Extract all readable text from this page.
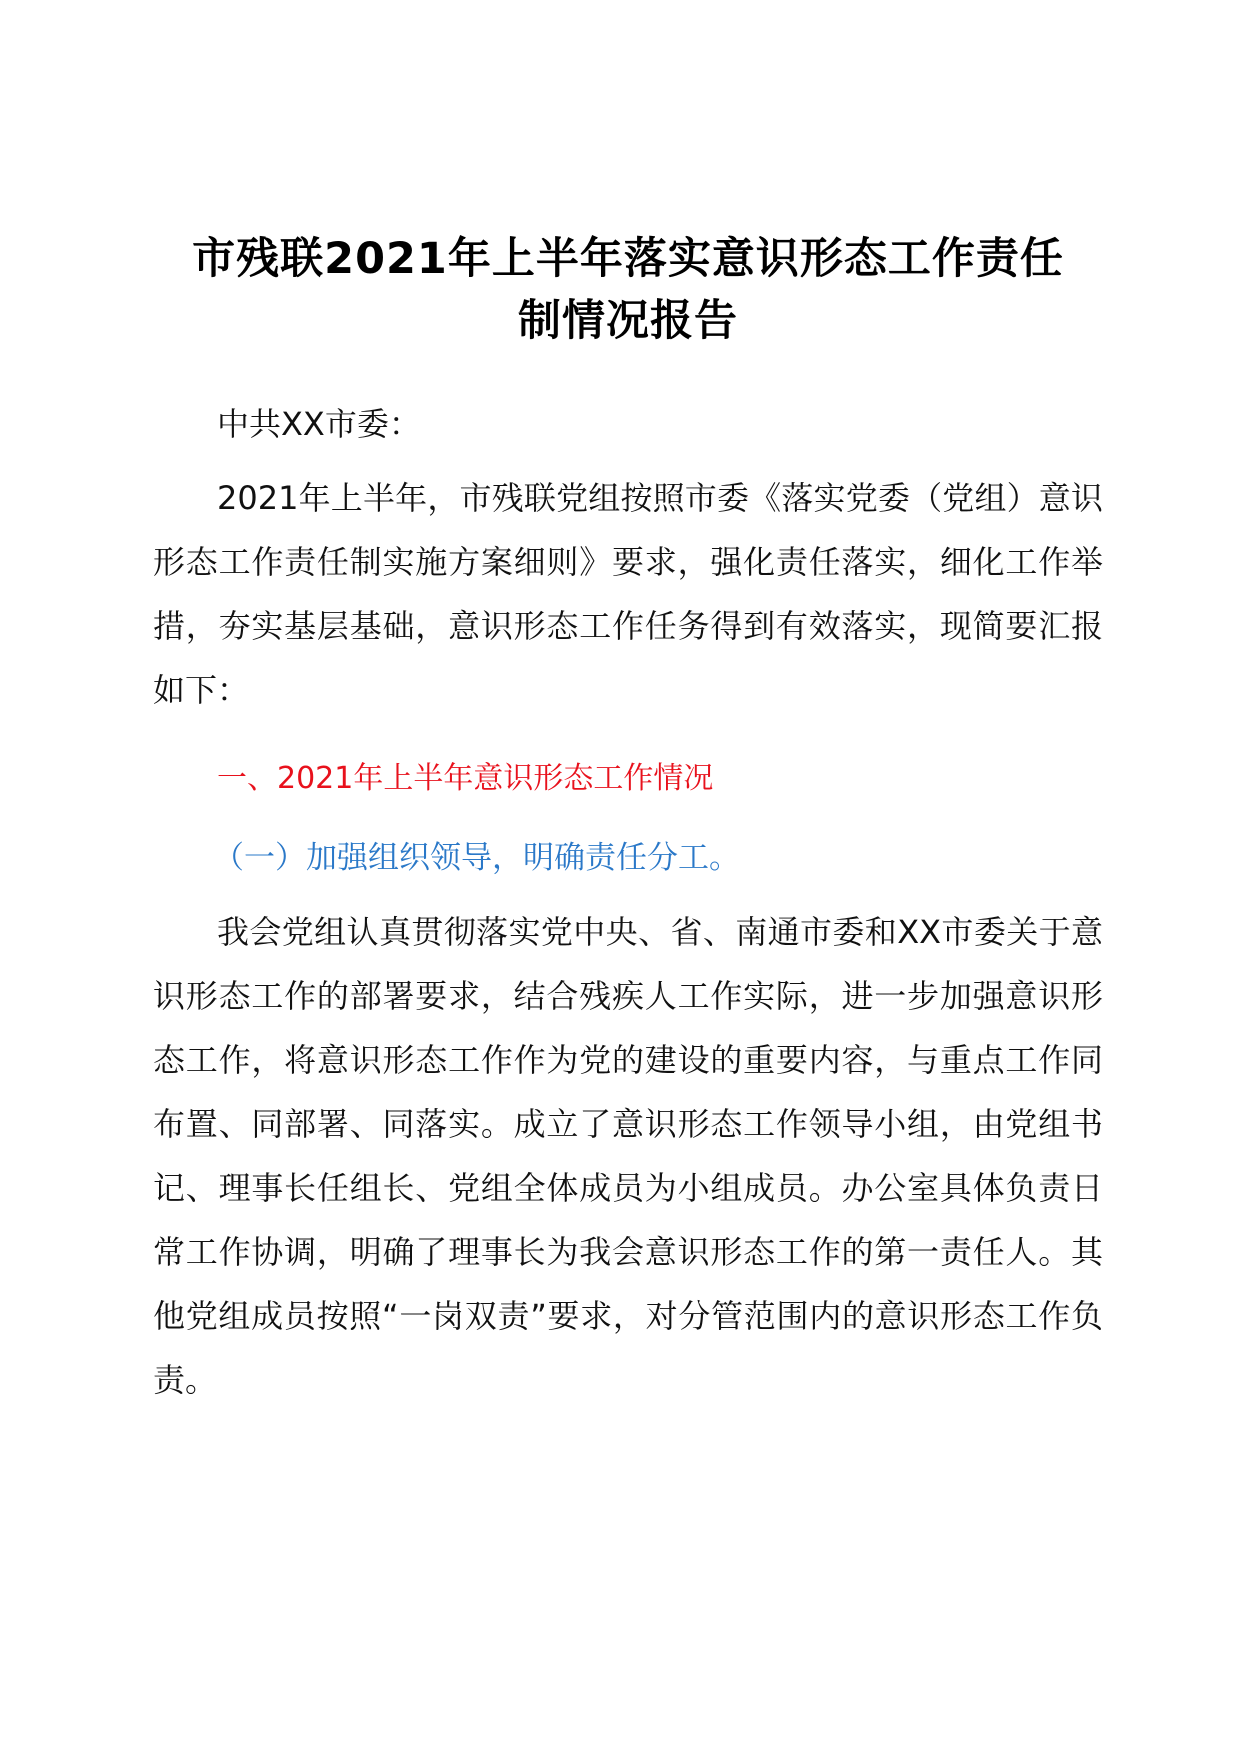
市残联2021年上半年落实意识形态工作责任
制情况报告

中共XX市委：

2021年上半年，市残联党组按照市委《落实党委（党组）意识形态工作责任制实施方案细则》要求，强化责任落实，细化工作举措，夯实基层基础，意识形态工作任务得到有效落实，现简要汇报如下：

一、2021年上半年意识形态工作情况

（一）加强组织领导，明确责任分工。

我会党组认真贯彻落实党中央、省、南通市委和XX市委关于意识形态工作的部署要求，结合残疾人工作实际，进一步加强意识形态工作，将意识形态工作作为党的建设的重要内容，与重点工作同布置、同部署、同落实。成立了意识形态工作领导小组，由党组书记、理事长任组长、党组全体成员为小组成员。办公室具体负责日常工作协调，明确了理事长为我会意识形态工作的第一责任人。其他党组成员按照“一岗双责”要求，对分管范围内的意识形态工作负责。
